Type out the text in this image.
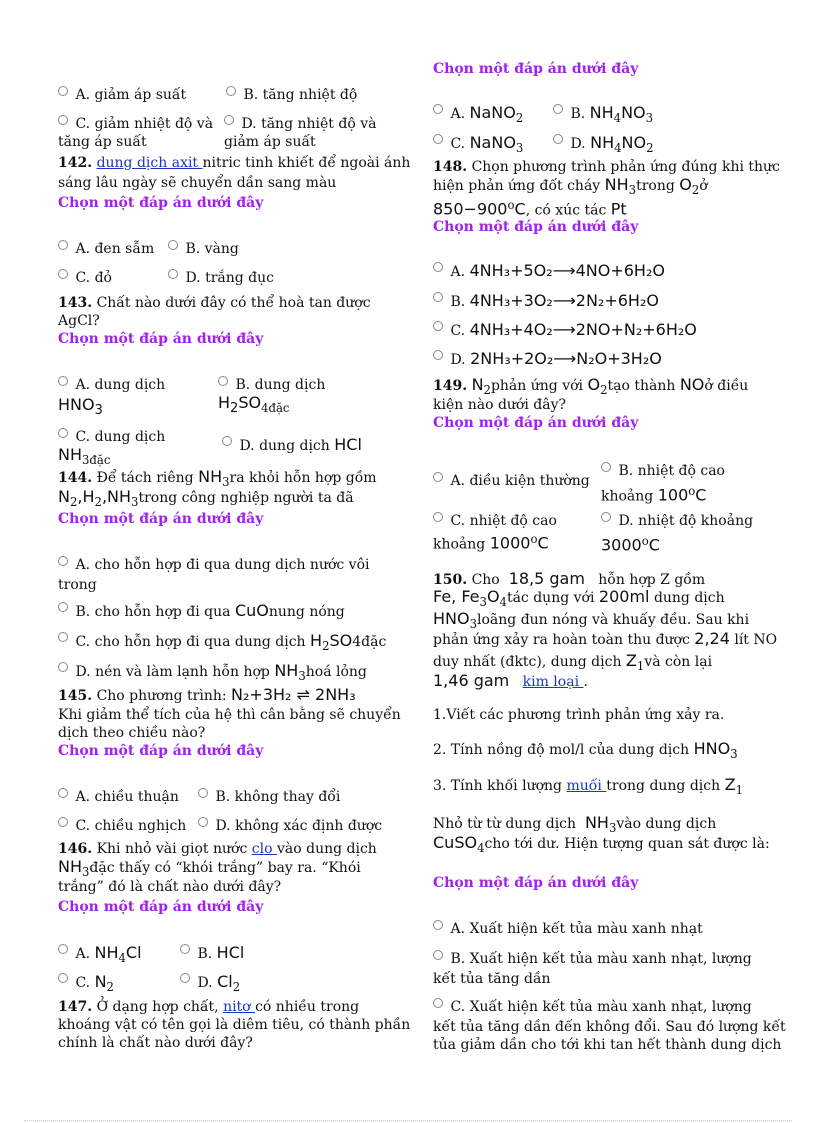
A. giảm áp suất	B. tăng nhiệt độ
C. giảm nhiệt độ và
tăng áp suất
D. tăng nhiệt độ và
giảm áp suất
142. dung dịch axit nitric tinh khiết để ngoài ánh
sáng lâu ngày sẽ chuyển dần sang màu
Chọn một đáp án dưới đây
A. đen sẫm	B. vàng
C. đỏ	D. trắng đục
143. Chất nào dưới đây có thể hoà tan được
AgCl?
Chọn một đáp án dưới đây
A. dung dịch
$HNO_3$
B. dung dịch
$H_2SO_{4đặc}$
C. dung dịch
$NH_{3đặc}$
D. dung dịch HCl
144. Để tách riêng $NH_3ra$ khỏi hỗn hợp gồm
$N_2,H_2,NH_3trong$ công nghiệp người ta đã
Chọn một đáp án dưới đây
A. cho hỗn hợp đi qua dung dịch nước vôi
trong
B. cho hỗn hợp đi qua CuOnung nóng
C. cho hỗn hợp đi qua dung dịch $H_2SO4đặc$
D. nén và làm lạnh hỗn hợp $NH_3hoá$ lỏng
145. Cho phương trình: N₂+3H₂ ⇌ 2NH₃
Khi giảm thể tích của hệ thì cân bằng sẽ chuyển
dịch theo chiều nào?
Chọn một đáp án dưới đây
A. chiều thuận	B. không thay đổi
C. chiều nghịch	D. không xác định được
146. Khi nhỏ vài giọt nước clo vào dung dịch
$NH_3đặc$ thấy có “khói trắng” bay ra. “Khói
trắng” đó là chất nào dưới đây?
Chọn một đáp án dưới đây
A. $NH_4Cl$	B. HCl
C. $N_2$	D. $Cl_2$
147. Ở dạng hợp chất, nitơ có nhiều trong
khoáng vật có tên gọi là diêm tiêu, có thành phần
chính là chất nào dưới đây?
Chọn một đáp án dưới đây
A. NaNO$_2$	B. $NH_4NO_3$
C. NaNO$_3$	D. $NH_4NO_2$
148. Chọn phương trình phản ứng đúng khi thực
hiện phản ứng đốt cháy $NH_3trong$ $O_2ở$
$850-900^oC$, có xúc tác Pt
Chọn một đáp án dưới đây
A. 4NH₃+5O₂⟶4NO+6H₂O
B. 4NH₃+3O₂⟶2N₂+6H₂O
C. 4NH₃+4O₂⟶2NO+N₂+6H₂O
D. 2NH₃+2O₂⟶N₂O+3H₂O
149. $N_2phản$ ứng với $O_2tạo$ thành NOở điều
kiện nào dưới đây?
Chọn một đáp án dưới đây
A. điều kiện thường
B. nhiệt độ cao
khoảng 100$^o$C
C. nhiệt độ cao
khoảng 1000$^o$C
D. nhiệt độ khoảng
3000$^o$C
150. Cho 18,5 gam hỗn hợp Z gồm
Fe, $Fe_3O_4tác$ dụng với 200ml dung dịch
$HNO_3loãng$ đun nóng và khuấy đều. Sau khi
phản ứng xảy ra hoàn toàn thu được 2,24 lít NO
duy nhất (đktc), dung dịch $Z_1và$ còn lại
1,46 gam kim loại .
1.Viết các phương trình phản ứng xảy ra.
2. Tính nồng độ mol/l của dung dịch $HNO_3$
3. Tính khối lượng muối trong dung dịch $Z_1$
Nhỏ từ từ dung dịch $NH_3vào$ dung dịch
CuSO$_4$cho tới dư. Hiện tượng quan sát được là:
Chọn một đáp án dưới đây
A. Xuất hiện kết tủa màu xanh nhạt
B. Xuất hiện kết tủa màu xanh nhạt, lượng
kết tủa tăng dần
C. Xuất hiện kết tủa màu xanh nhạt, lượng
kết tủa tăng dần đến không đổi. Sau đó lượng kết
tủa giảm dần cho tới khi tan hết thành dung dịch
